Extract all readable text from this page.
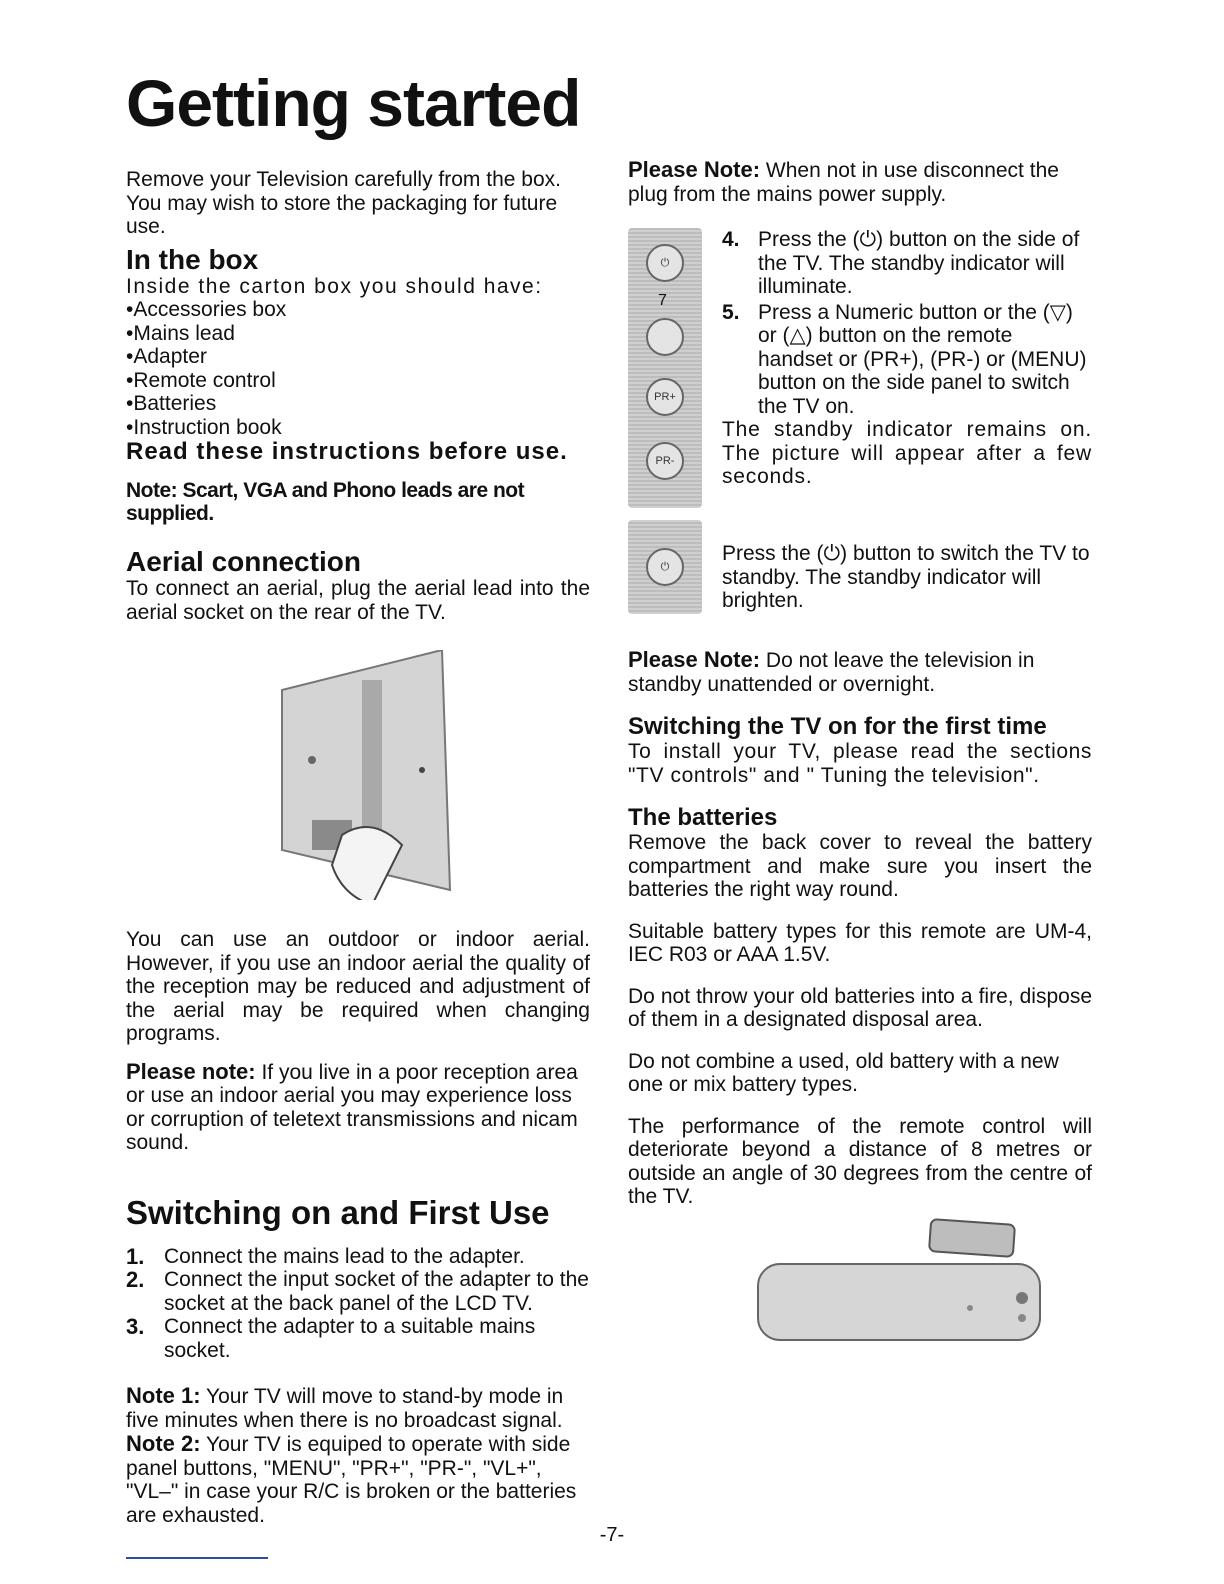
Getting started

Remove your Television carefully from the box. You may wish to store the packaging for future use.

In the box

Inside the carton box you should have:

• Accessories box
• Mains lead
• Adapter
• Remote control
• Batteries
• Instruction book
Read these instructions before use.

Note: Scart, VGA and Phono leads are not supplied.

Aerial connection

To connect an aerial, plug the aerial lead into the aerial socket on the rear of the TV.

You can use an outdoor or indoor aerial. However, if you use an indoor aerial the quality of the reception may be reduced and adjustment of the aerial may be required when changing programs.

Please note: If you live in a poor reception area or use an indoor aerial you may experience loss or corruption of teletext transmissions and nicam sound.

Switching on and First Use
1. Connect the mains lead to the adapter.
2. Connect the input socket of the adapter to the socket at the back panel of the LCD TV.
3. Connect the adapter to a suitable mains socket.

Note 1: Your TV will move to stand-by mode in five minutes when there is no broadcast signal.

Note 2: Your TV is equiped to operate with side panel buttons, "MENU", "PR+", "PR-", "VL+", "VL–" in case your R/C is broken or the batteries are exhausted.

Please Note: When not in use disconnect the plug from the mains power supply.
⏻
7
PR+
PR-
4. Press the (⏻) button on the side of the TV. The standby indicator will illuminate.
5. Press a Numeric button or the (▽) or (△) button on the remote handset or (PR+), (PR-) or (MENU) button on the side panel to switch the TV on.

The standby indicator remains on. The picture will appear after a few seconds.

⏻
Press the (⏻) button to switch the TV to standby. The standby indicator will brighten.

Please Note: Do not leave the television in standby unattended or overnight.

Switching the TV on for the first time

To install your TV, please read the sections "TV controls" and " Tuning the television".

The batteries

Remove the back cover to reveal the battery compartment and make sure you insert the batteries the right way round.

Suitable battery types for this remote are UM-4, IEC R03 or AAA 1.5V.

Do not throw your old batteries into a fire, dispose of them in a designated disposal area.

Do not combine a used, old battery with a new one or mix battery types.

The performance of the remote control will deteriorate beyond a distance of 8 metres or outside an angle of 30 degrees from the centre of the TV.

-7-
